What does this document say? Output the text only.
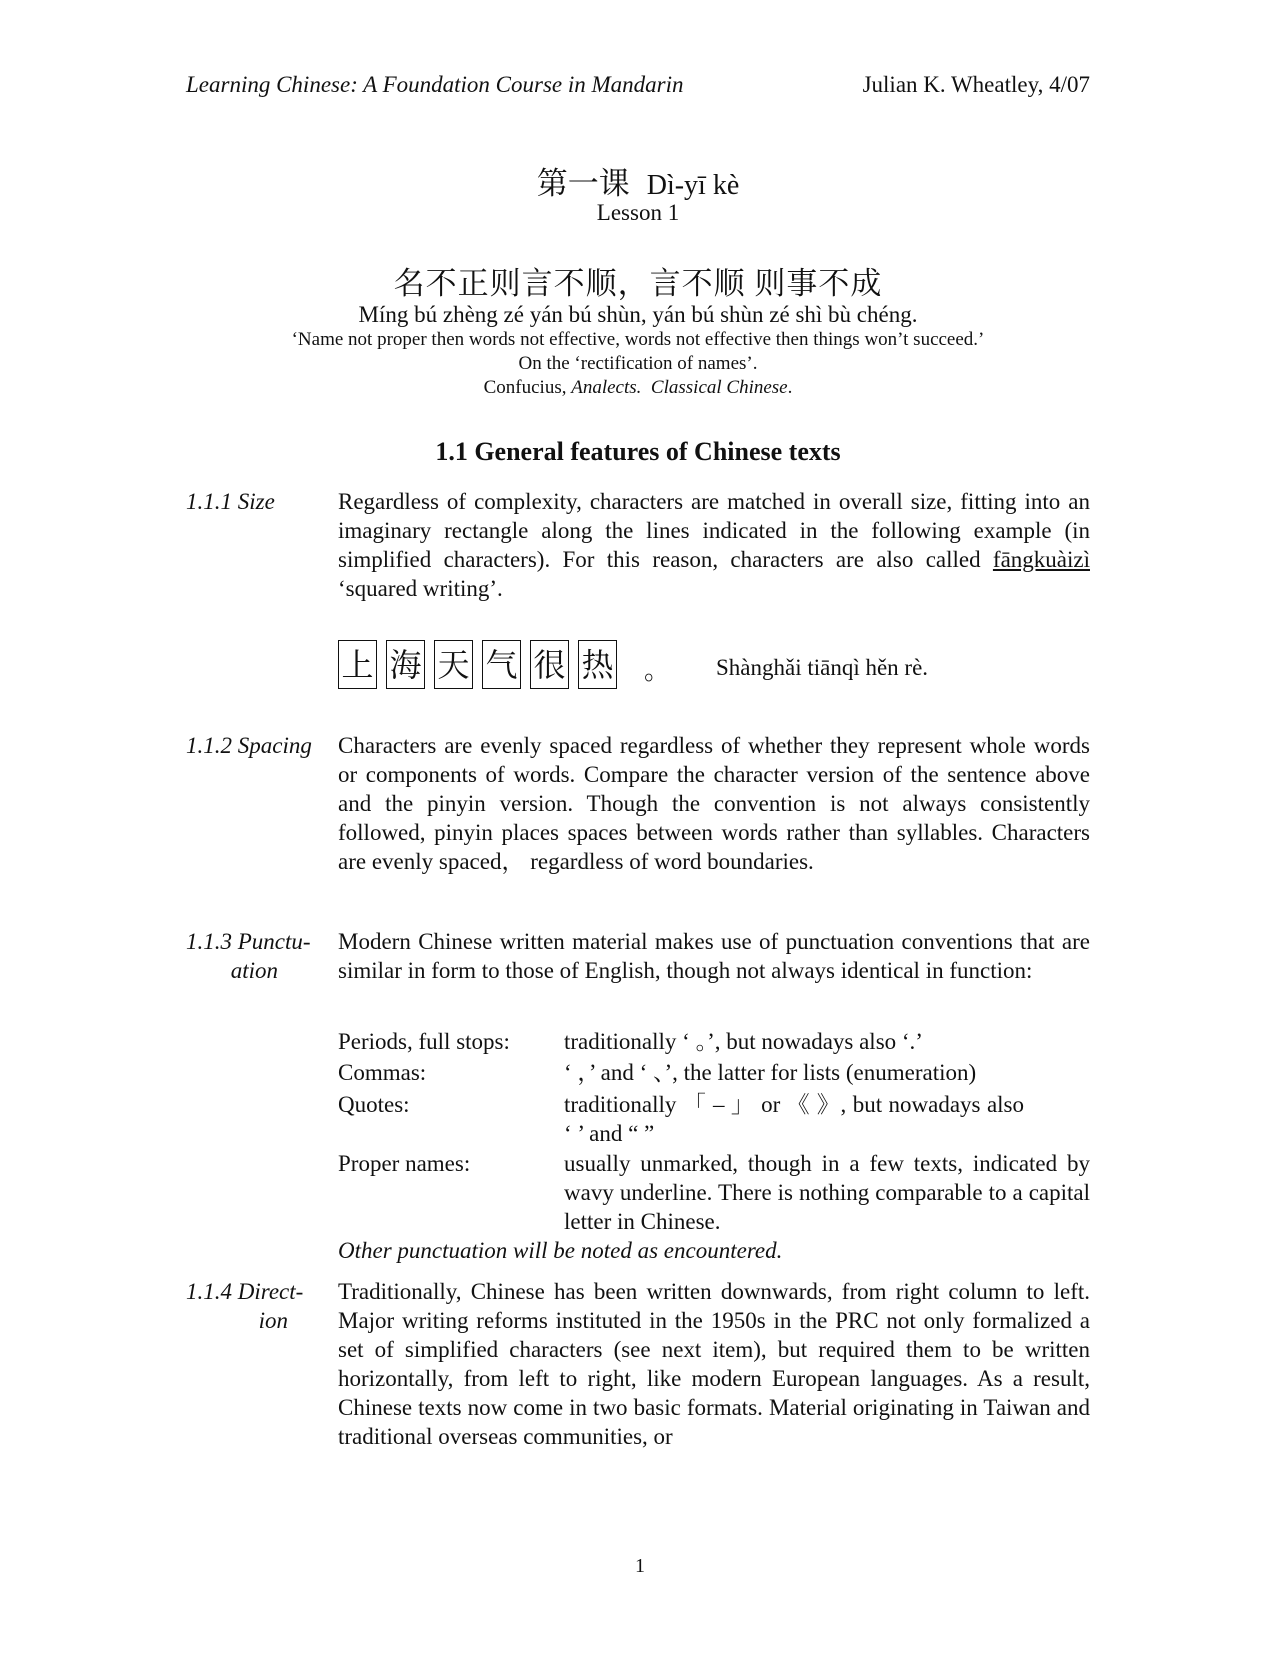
Learning Chinese: A Foundation Course in Mandarin	Julian K. Wheatley, 4/07
第一课 Dì-yī kè
Lesson 1
名不正则言不顺，言不顺 则事不成
Míng bú zhèng zé yán bú shùn, yán bú shùn zé shì bù chéng.
‘Name not proper then words not effective, words not effective then things won’t succeed.’
On the ‘rectification of names’.
Confucius, Analects. Classical Chinese.
1.1 General features of Chinese texts
1.1.1 Size	Regardless of complexity, characters are matched in overall size, fitting into an imaginary rectangle along the lines indicated in the following example (in simplified characters). For this reason, characters are also called fāngkuàizì ‘squared writing’.
上 海 天 气 很 热 。 Shànghǎi tiānqì hěn rè.
1.1.2 Spacing	Characters are evenly spaced regardless of whether they represent whole words or components of words. Compare the character version of the sentence above and the pinyin version. Though the convention is not always consistently followed, pinyin places spaces between words rather than syllables. Characters are evenly spaced， regardless of word boundaries.
1.1.3 Punctu-
ation
Modern Chinese written material makes use of punctuation conventions that are similar in form to those of English, though not always identical in function:
Periods, full stops: traditionally ‘ 。’, but nowadays also ‘.’
Commas:	‘ ，’ and ‘ 、’, the latter for lists (enumeration)
Quotes:	traditionally 「 – 」 or 《 》, but nowadays also ‘ ’ and “ ”
Proper names:	usually unmarked, though in a few texts, indicated by wavy underline. There is nothing comparable to a capital letter in Chinese.
Other punctuation will be noted as encountered.
1.1.4 Direct-
ion
Traditionally, Chinese has been written downwards, from right column to left. Major writing reforms instituted in the 1950s in the PRC not only formalized a set of simplified characters (see next item), but required them to be written horizontally, from left to right, like modern European languages. As a result, Chinese texts now come in two basic formats. Material originating in Taiwan and traditional overseas communities, or
1
